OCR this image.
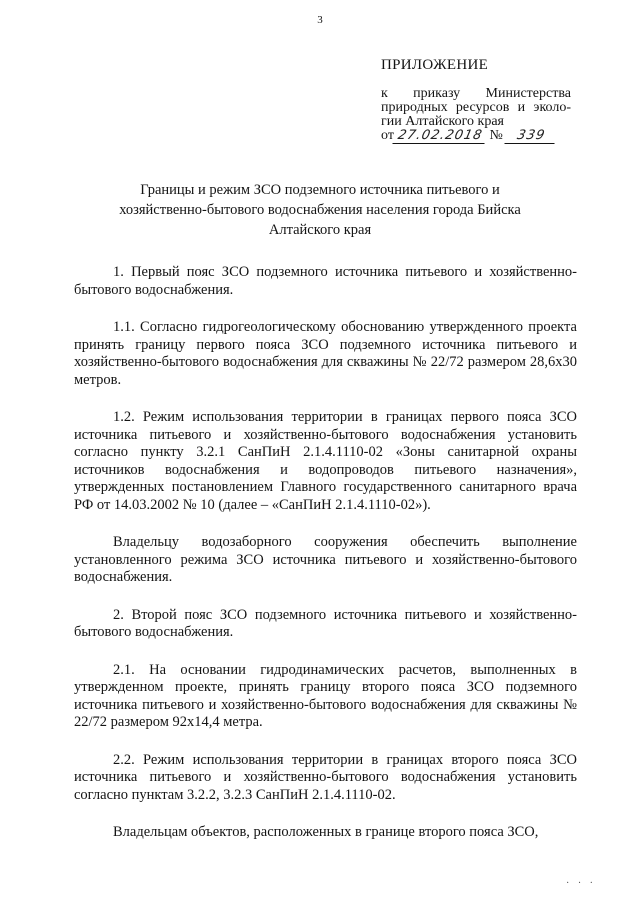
3
ПРИЛОЖЕНИЕ
к приказу Министерства
природных ресурсов и эколо-
гии Алтайского края
от 27.02.2018 № 339
Границы и режим ЗСО подземного источника питьевого и
хозяйственно-бытового водоснабжения населения города Бийска
Алтайского края

1. Первый пояс ЗСО подземного источника питьевого и хозяйственно-бытового водоснабжения.

1.1. Согласно гидрогеологическому обоснованию утвержденного проекта принять границу первого пояса ЗСО подземного источника питьевого и хозяйственно-бытового водоснабжения для скважины № 22/72 размером 28,6x30 метров.

1.2. Режим использования территории в границах первого пояса ЗСО источника питьевого и хозяйственно-бытового водоснабжения установить согласно пункту 3.2.1 СанПиН 2.1.4.1110-02 «Зоны санитарной охраны источников водоснабжения и водопроводов питьевого назначения», утвержденных постановлением Главного государственного санитарного врача РФ от 14.03.2002 № 10 (далее – «СанПиН 2.1.4.1110-02»).

Владельцу водозаборного сооружения обеспечить выполнение установленного режима ЗСО источника питьевого и хозяйственно-бытового водоснабжения.

2. Второй пояс ЗСО подземного источника питьевого и хозяйственно-бытового водоснабжения.

2.1. На основании гидродинамических расчетов, выполненных в утвержденном проекте, принять границу второго пояса ЗСО подземного источника питьевого и хозяйственно-бытового водоснабжения для скважины № 22/72 размером 92x14,4 метра.

2.2. Режим использования территории в границах второго пояса ЗСО источника питьевого и хозяйственно-бытового водоснабжения установить согласно пунктам 3.2.2, 3.2.3 СанПиН 2.1.4.1110-02.

Владельцам объектов, расположенных в границе второго пояса ЗСО,

· · ·
